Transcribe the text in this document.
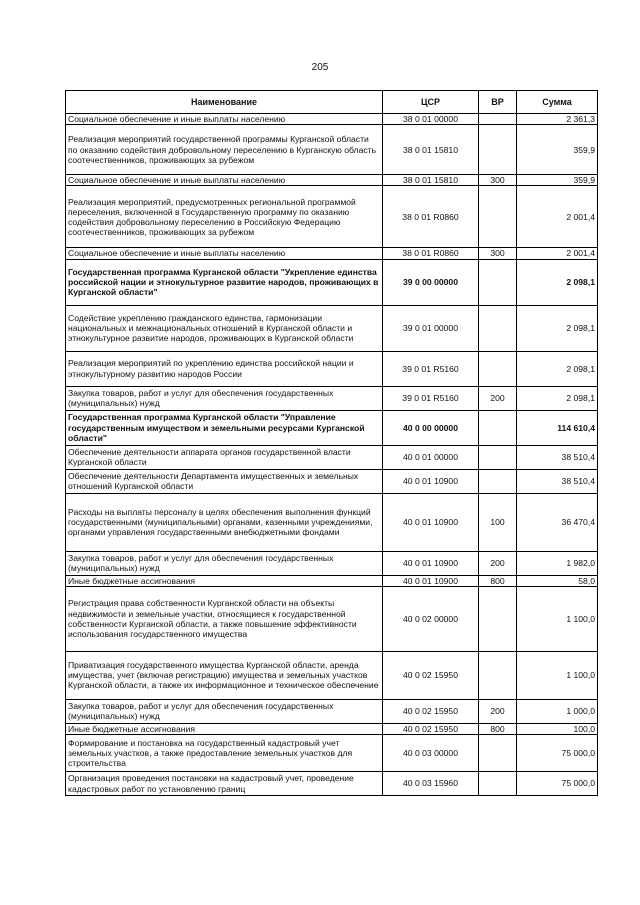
205
Наименование	ЦСР	ВР	Сумма
Социальное обеспечение и иные выплаты населению	38 0 01 00000		2 361,3
Реализация мероприятий государственной программы Курганской области по оказанию содействия добровольному переселению в Курганскую область соотечественников, проживающих за рубежом	38 0 01 15810		359,9
Социальное обеспечение и иные выплаты населению	38 0 01 15810	300	359,9
Реализация мероприятий, предусмотренных региональной программой переселения, включенной в Государственную программу по оказанию содействия добровольному переселению в Российскую Федерацию соотечественников, проживающих за рубежом	38 0 01 R0860		2 001,4
Социальное обеспечение и иные выплаты населению	38 0 01 R0860	300	2 001,4
Государственная программа Курганской области "Укрепление единства российской нации и этнокультурное развитие народов, проживающих в Курганской области"	39 0 00 00000		2 098,1
Содействие укреплению гражданского единства, гармонизации национальных и межнациональных отношений в Курганской области и этнокультурное развитие народов, проживающих в Курганской области	39 0 01 00000		2 098,1
Реализация мероприятий по укреплению единства российской нации и этнокультурному развитию народов России	39 0 01 R5160		2 098,1
Закупка товаров, работ и услуг для обеспечения государственных (муниципальных) нужд	39 0 01 R5160	200	2 098,1
Государственная программа Курганской области "Управление государственным имуществом и земельными ресурсами Курганской области"	40 0 00 00000		114 610,4
Обеспечение деятельности аппарата органов государственной власти Курганской области	40 0 01 00000		38 510,4
Обеспечение деятельности Департамента имущественных и земельных отношений Курганской области	40 0 01 10900		38 510,4
Расходы на выплаты персоналу в целях обеспечения выполнения функций государственными (муниципальными) органами, казенными учреждениями, органами управления государственными внебюджетными фондами	40 0 01 10900	100	36 470,4
Закупка товаров, работ и услуг для обеспечения государственных (муниципальных) нужд	40 0 01 10900	200	1 982,0
Иные бюджетные ассигнования	40 0 01 10900	800	58,0
Регистрация права собственности Курганской области на объекты недвижимости и земельные участки, относящиеся к государственной собственности Курганской области, а также повышение эффективности использования государственного имущества	40 0 02 00000		1 100,0
Приватизация государственного имущества Курганской области, аренда имущества, учет (включая регистрацию) имущества и земельных участков Курганской области, а также их информационное и техническое обеспечение	40 0 02 15950		1 100,0
Закупка товаров, работ и услуг для обеспечения государственных (муниципальных) нужд	40 0 02 15950	200	1 000,0
Иные бюджетные ассигнования	40 0 02 15950	800	100,0
Формирование и постановка на государственный кадастровый учет земельных участков, а также предоставление земельных участков для строительства	40 0 03 00000		75 000,0
Организация проведения постановки на кадастровый учет, проведение кадастровых работ по установлению границ	40 0 03 15960		75 000,0
